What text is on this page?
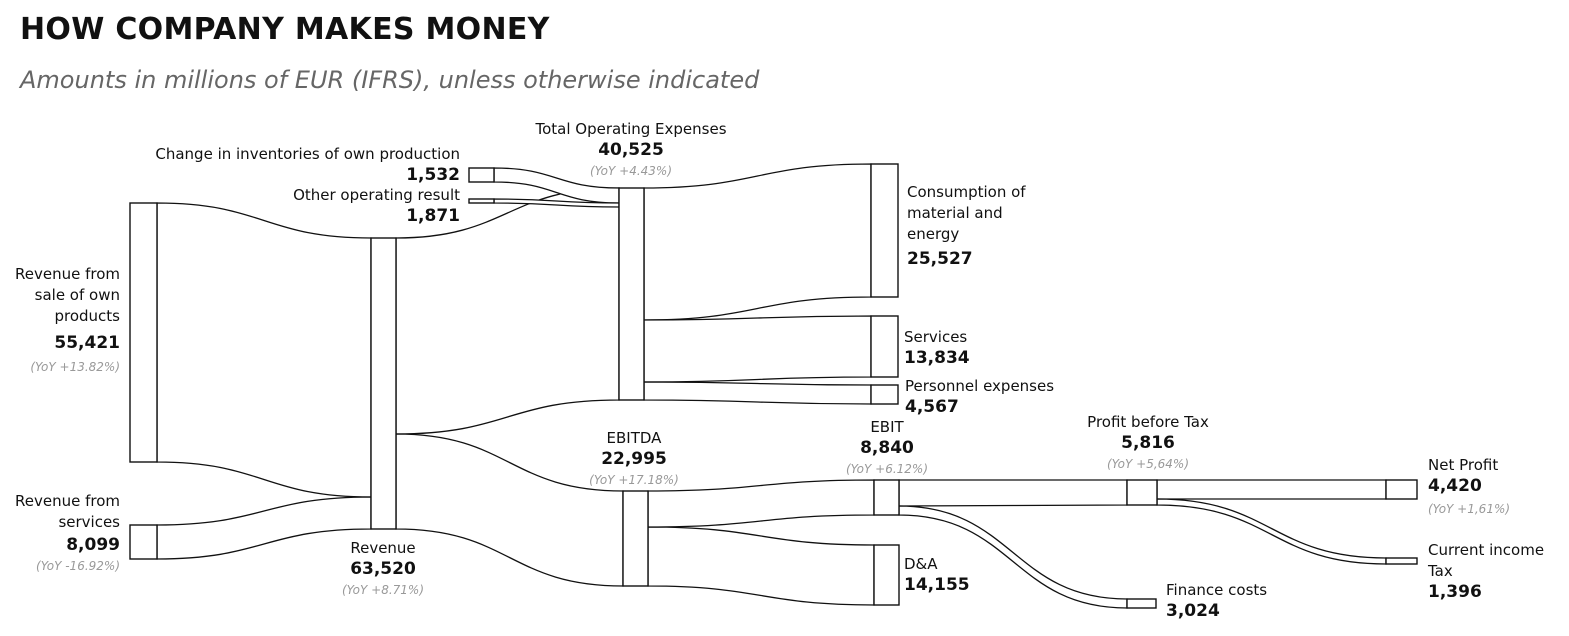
HOW COMPANY MAKES MONEY

Amounts in millions of EUR (IFRS), unless otherwise indicated

Revenue from
sale of own
products
55,421
(YoY +13.82%)
Revenue from
services
8,099
(YoY -16.92%)
Revenue
63,520
(YoY +8.71%)
Change in inventories of own production
1,532
Other operating result
1,871
Total Operating Expenses
40,525
(YoY +4.43%)
Consumption of
material and
energy
25,527
Services
13,834
Personnel expenses
4,567
EBITDA
22,995
(YoY +17.18%)
D&A
14,155
EBIT
8,840
(YoY +6.12%)
Finance costs
3,024
Profit before Tax
5,816
(YoY +5,64%)	Net Profit
4,420
(YoY +1,61%)
Current income
Tax
1,396
